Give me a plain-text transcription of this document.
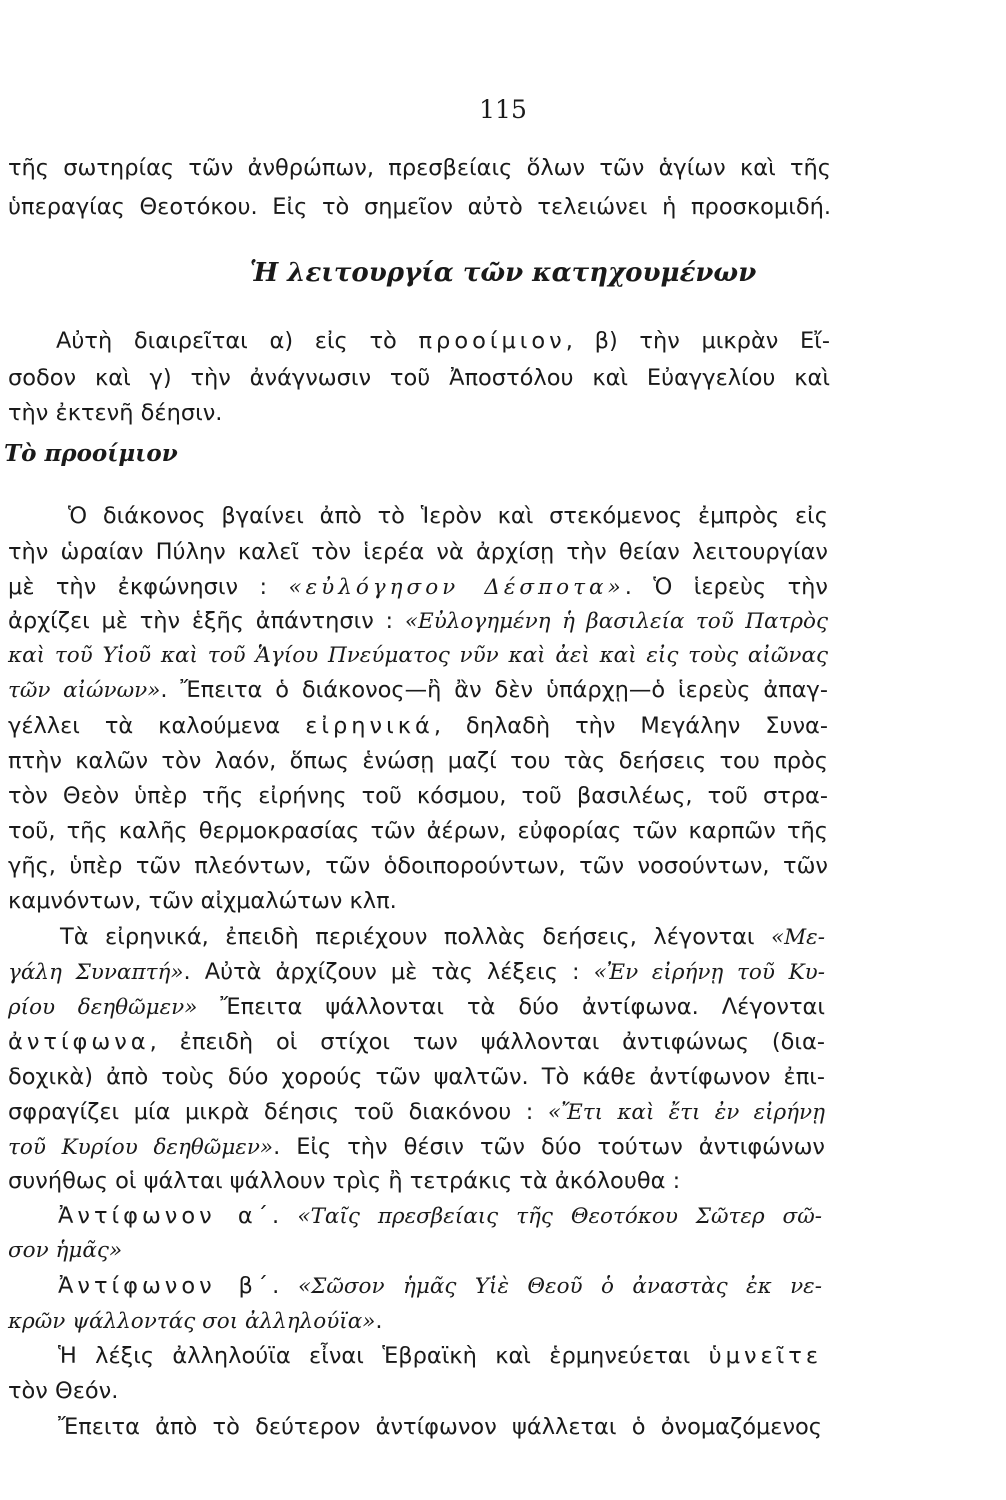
115
τῆς σωτηρίας τῶν ἀνθρώπων, πρεσβείαις ὅλων τῶν ἁγίων καὶ τῆς
ὑπεραγίας Θεοτόκου. Εἰς τὸ σημεῖον αὐτὸ τελειώνει ἡ προσκομιδή.
Ἡ λειτουργία τῶν κατηχουμένων
Αὐτὴ διαιρεῖται α) εἰς τὸ προοίμιον, β) τὴν μικρὰν Εἴ-
σοδον καὶ γ) τὴν ἀνάγνωσιν τοῦ Ἀποστόλου καὶ Εὐαγγελίου καὶ
τὴν ἐκτενῆ δέησιν.
Τὸ προοίμιον
Ὁ διάκονος βγαίνει ἀπὸ τὸ Ἱερὸν καὶ στεκόμενος ἐμπρὸς εἰς
τὴν ὡραίαν Πύλην καλεῖ τὸν ἱερέα νὰ ἀρχίσῃ τὴν θείαν λειτουργίαν
μὲ τὴν ἐκφώνησιν : «εὐλόγησον Δέσποτα». Ὁ ἱερεὺς τὴν
ἀρχίζει μὲ τὴν ἑξῆς ἀπάντησιν : «Εὐλογημένη ἡ βασιλεία τοῦ Πατρὸς
καὶ τοῦ Υἱοῦ καὶ τοῦ Ἁγίου Πνεύματος νῦν καὶ ἀεὶ καὶ εἰς τοὺς αἰῶνας
τῶν αἰώνων». Ἔπειτα ὁ διάκονος—ἢ ἂν δὲν ὑπάρχῃ—ὁ ἱερεὺς ἀπαγ-
γέλλει τὰ καλούμενα εἰρηνικά, δηλαδὴ τὴν Μεγάλην Συνα-
πτὴν καλῶν τὸν λαόν, ὅπως ἑνώσῃ μαζί του τὰς δεήσεις του πρὸς
τὸν Θεὸν ὑπὲρ τῆς εἰρήνης τοῦ κόσμου, τοῦ βασιλέως, τοῦ στρα-
τοῦ, τῆς καλῆς θερμοκρασίας τῶν ἀέρων, εὐφορίας τῶν καρπῶν τῆς
γῆς, ὑπὲρ τῶν πλεόντων, τῶν ὁδοιπορούντων, τῶν νοσούντων, τῶν
καμνόντων, τῶν αἰχμαλώτων κλπ.
Τὰ εἰρηνικά, ἐπειδὴ περιέχουν πολλὰς δεήσεις, λέγονται «Με-
γάλη Συναπτή». Αὐτὰ ἀρχίζουν μὲ τὰς λέξεις : «Ἐν εἰρήνῃ τοῦ Κυ-
ρίου δεηθῶμεν» Ἔπειτα ψάλλονται τὰ δύο ἀντίφωνα. Λέγονται
ἀντίφωνα, ἐπειδὴ οἱ στίχοι των ψάλλονται ἀντιφώνως (δια-
δοχικὰ) ἀπὸ τοὺς δύο χορούς τῶν ψαλτῶν. Τὸ κάθε ἀντίφωνον ἐπι-
σφραγίζει μία μικρὰ δέησις τοῦ διακόνου : «Ἔτι καὶ ἔτι ἐν εἰρήνῃ
τοῦ Κυρίου δεηθῶμεν». Εἰς τὴν θέσιν τῶν δύο τούτων ἀντιφώνων
συνήθως οἱ ψάλται ψάλλουν τρὶς ἢ τετράκις τὰ ἀκόλουθα :
Ἀντίφωνον α΄. «Ταῖς πρεσβείαις τῆς Θεοτόκου Σῶτερ σῶ-
σον ἡμᾶς»
Ἀντίφωνον β΄. «Σῶσον ἡμᾶς Υἱὲ Θεοῦ ὁ ἀναστὰς ἐκ νε-
κρῶν ψάλλοντάς σοι ἀλληλούϊα».
Ἡ λέξις ἀλληλούϊα εἶναι Ἑβραϊκὴ καὶ ἑρμηνεύεται ὑμνεῖτε
τὸν Θεόν.
Ἔπειτα ἀπὸ τὸ δεύτερον ἀντίφωνον ψάλλεται ὁ ὀνομαζόμενος
